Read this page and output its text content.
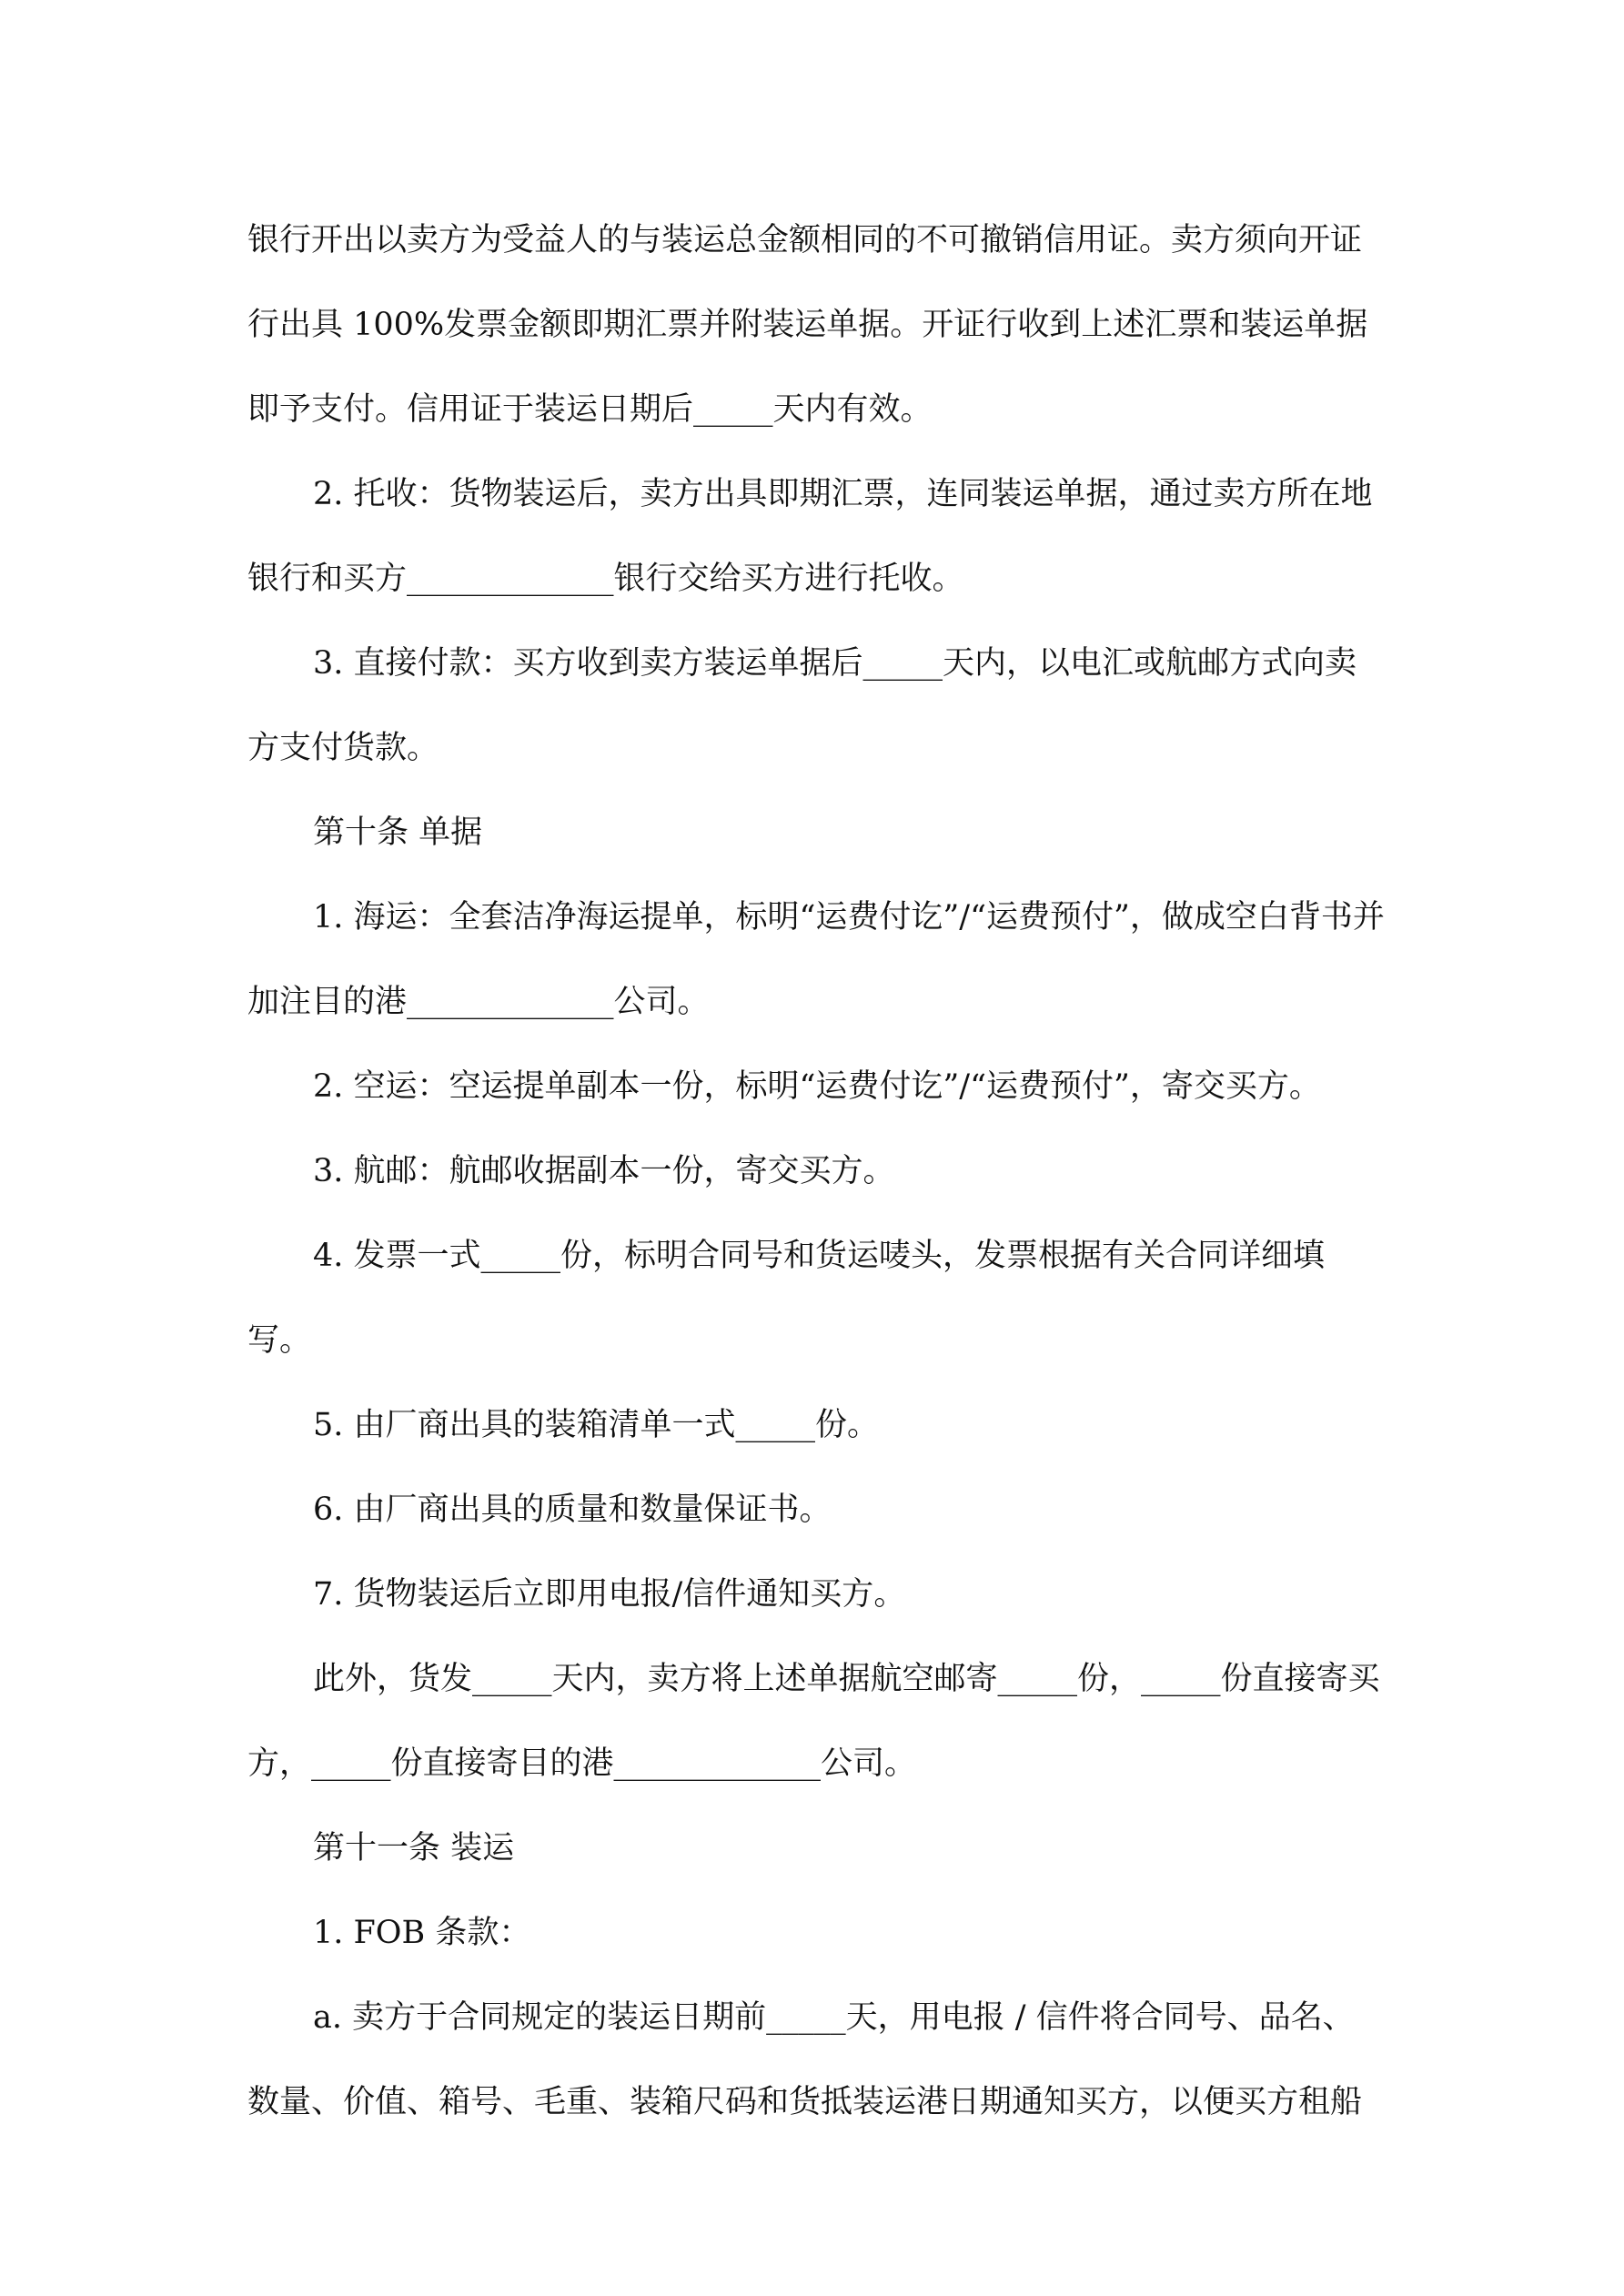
银行开出以卖方为受益人的与装运总金额相同的不可撤销信用证。卖方须向开证行出具 100%发票金额即期汇票并附装运单据。开证行收到上述汇票和装运单据即予支付。信用证于装运日期后_____天内有效。

2. 托收：货物装运后，卖方出具即期汇票，连同装运单据，通过卖方所在地银行和买方_____________银行交给买方进行托收。

3. 直接付款：买方收到卖方装运单据后_____天内，以电汇或航邮方式向卖方支付货款。

第十条 单据

1. 海运：全套洁净海运提单，标明“运费付讫”/“运费预付”，做成空白背书并加注目的港_____________公司。

2. 空运：空运提单副本一份，标明“运费付讫”/“运费预付”，寄交买方。

3. 航邮：航邮收据副本一份，寄交买方。

4. 发票一式_____份，标明合同号和货运唛头，发票根据有关合同详细填写。

5. 由厂商出具的装箱清单一式_____份。

6. 由厂商出具的质量和数量保证书。

7. 货物装运后立即用电报/信件通知买方。

此外，货发_____天内，卖方将上述单据航空邮寄_____份，_____份直接寄买方，_____份直接寄目的港_____________公司。

第十一条 装运

1. FOB 条款：

a. 卖方于合同规定的装运日期前_____天，用电报 / 信件将合同号、品名、数量、价值、箱号、毛重、装箱尺码和货抵装运港日期通知买方，以便买方租船
